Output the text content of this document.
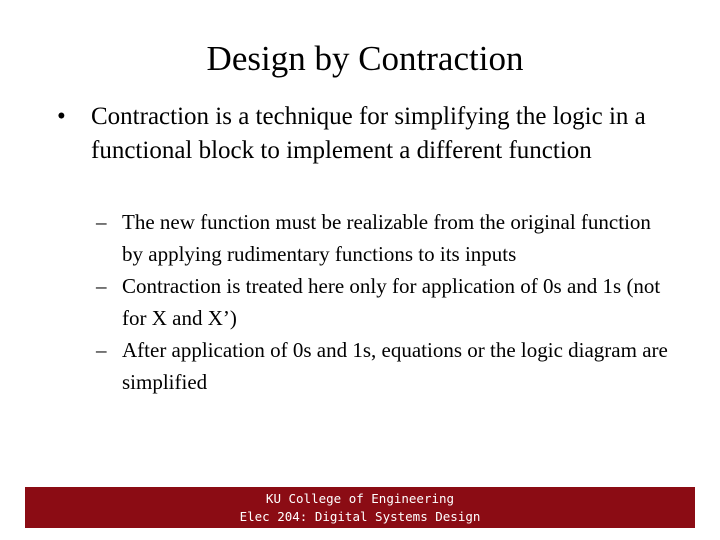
Design by Contraction
• Contraction is a technique for simplifying the logic in a functional block to implement a different function
– The new function must be realizable from the original function by applying rudimentary functions to its inputs
– Contraction is treated here only for application of 0s and 1s (not for X and X’)
– After application of 0s and 1s, equations or the logic diagram are simplified
KU College of Engineering
Elec 204: Digital Systems Design
